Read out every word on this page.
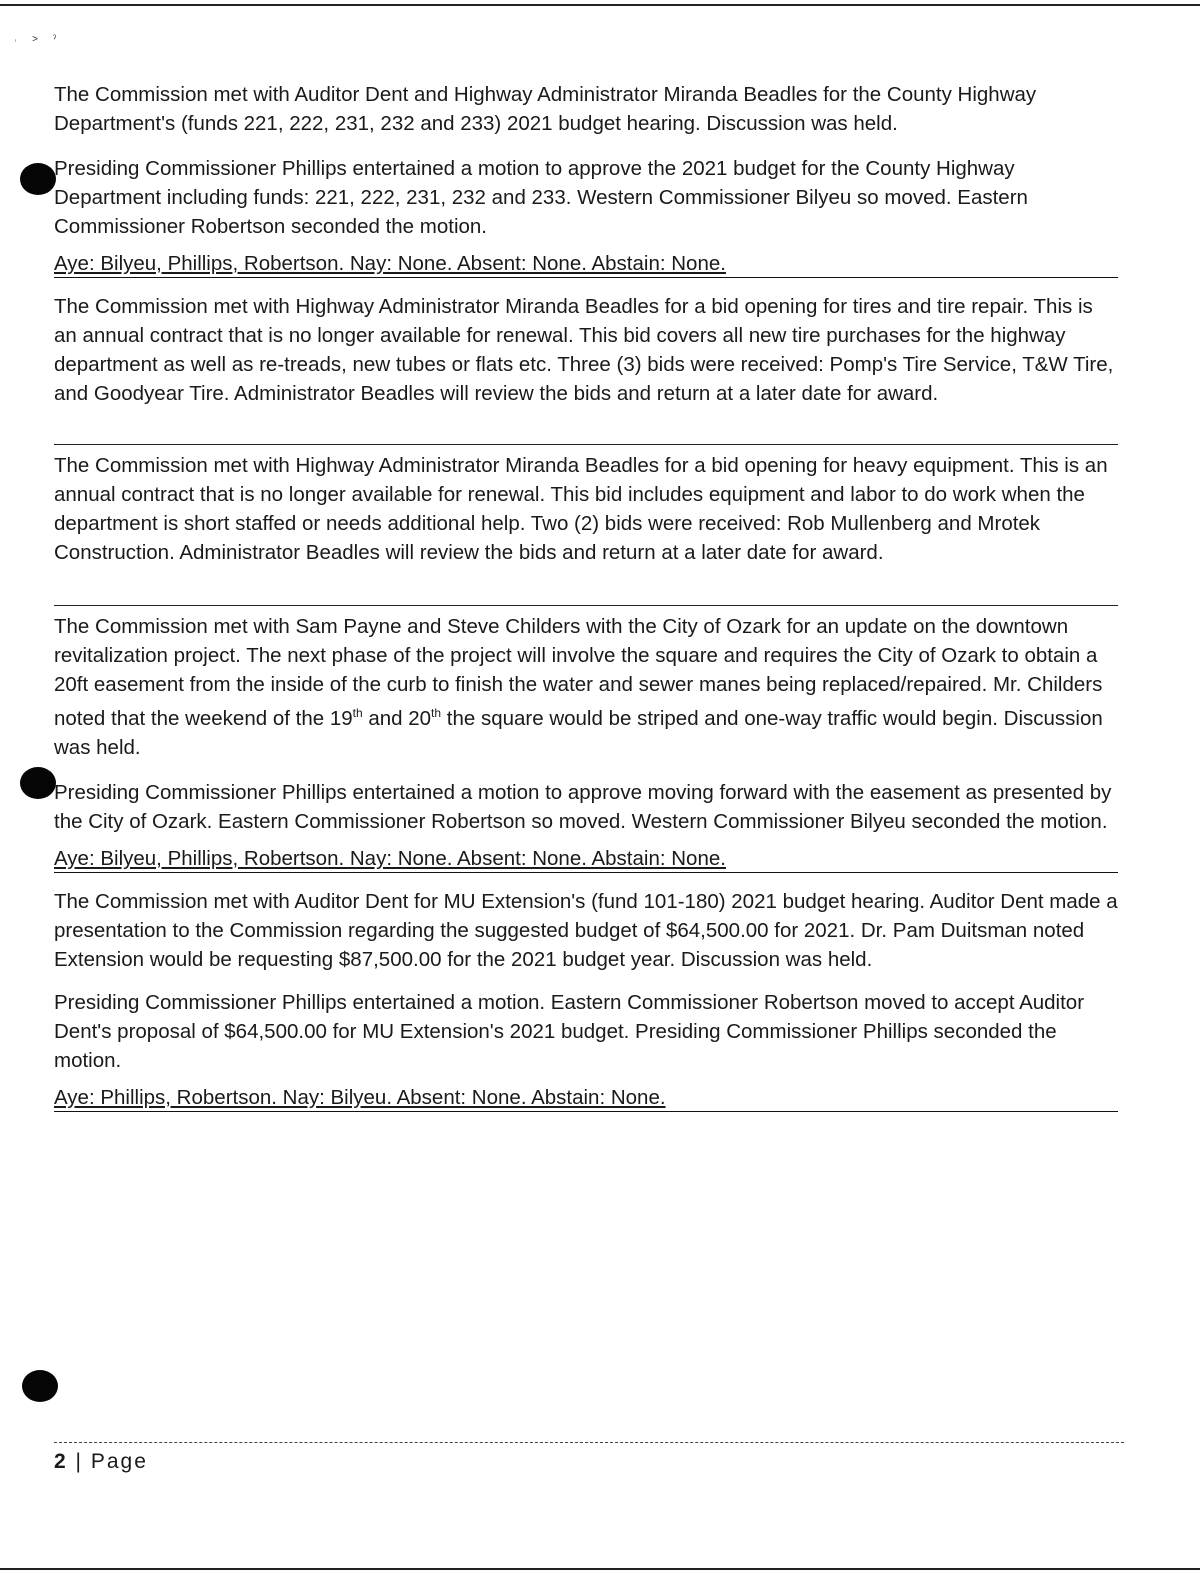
˒ ˃ ˀ

The Commission met with Auditor Dent and Highway Administrator Miranda Beadles for the County Highway Department's (funds 221, 222, 231, 232 and 233) 2021 budget hearing. Discussion was held.

Presiding Commissioner Phillips entertained a motion to approve the 2021 budget for the County Highway Department including funds: 221, 222, 231, 232 and 233. Western Commissioner Bilyeu so moved. Eastern Commissioner Robertson seconded the motion.

Aye: Bilyeu, Phillips, Robertson. Nay: None. Absent: None. Abstain: None.

The Commission met with Highway Administrator Miranda Beadles for a bid opening for tires and tire repair. This is an annual contract that is no longer available for renewal. This bid covers all new tire purchases for the highway department as well as re-treads, new tubes or flats etc. Three (3) bids were received: Pomp's Tire Service, T&W Tire, and Goodyear Tire. Administrator Beadles will review the bids and return at a later date for award.

The Commission met with Highway Administrator Miranda Beadles for a bid opening for heavy equipment. This is an annual contract that is no longer available for renewal. This bid includes equipment and labor to do work when the department is short staffed or needs additional help. Two (2) bids were received: Rob Mullenberg and Mrotek Construction. Administrator Beadles will review the bids and return at a later date for award.

The Commission met with Sam Payne and Steve Childers with the City of Ozark for an update on the downtown revitalization project. The next phase of the project will involve the square and requires the City of Ozark to obtain a 20ft easement from the inside of the curb to finish the water and sewer manes being replaced/repaired. Mr. Childers noted that the weekend of the 19th and 20th the square would be striped and one-way traffic would begin. Discussion was held.

Presiding Commissioner Phillips entertained a motion to approve moving forward with the easement as presented by the City of Ozark. Eastern Commissioner Robertson so moved. Western Commissioner Bilyeu seconded the motion.

Aye: Bilyeu, Phillips, Robertson. Nay: None. Absent: None. Abstain: None.

The Commission met with Auditor Dent for MU Extension's (fund 101-180) 2021 budget hearing. Auditor Dent made a presentation to the Commission regarding the suggested budget of $64,500.00 for 2021. Dr. Pam Duitsman noted Extension would be requesting $87,500.00 for the 2021 budget year. Discussion was held.

Presiding Commissioner Phillips entertained a motion. Eastern Commissioner Robertson moved to accept Auditor Dent's proposal of $64,500.00 for MU Extension's 2021 budget. Presiding Commissioner Phillips seconded the motion.

Aye: Phillips, Robertson. Nay: Bilyeu. Absent: None. Abstain: None.
2 | Page
